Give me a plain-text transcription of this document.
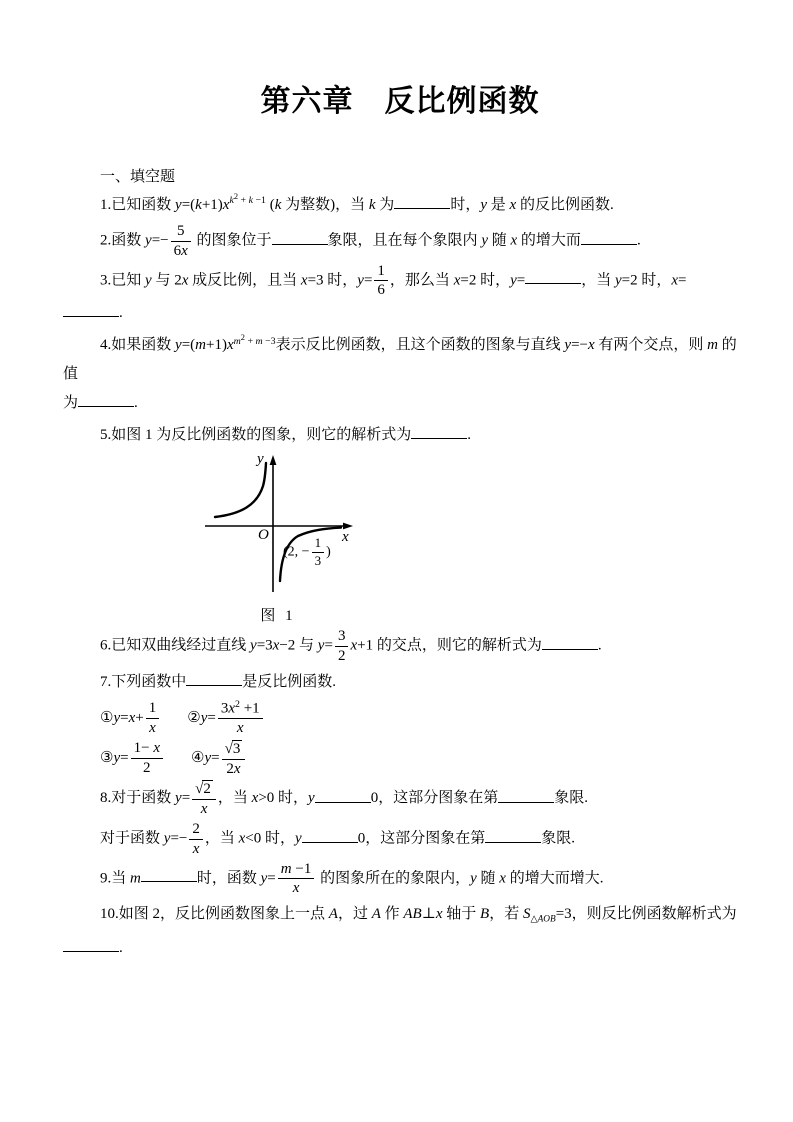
第六章　反比例函数
一、填空题
1.已知函数 y=(k+1)xk2 + k −1 (k 为整数)，当 k 为	时，y 是 x 的反比例函数.
2.函数 $y=- \frac{5}{6x}$ 的图象位于	象限，且在每个象限内 y 随 x 的增大而	.
3.已知 y 与 2x 成反比例，且当 x=3 时，$y= \frac{1}{6}$ ，那么当 x=2 时，y=	，当 y=2 时，x=.
4.如果函数 y=(m+1)xm2 + m −3表示反比例函数，且这个函数的图象与直线 y=−x 有两个交点，则 m 的值
为	.
5.如图 1 为反比例函数的图象，则它的解析式为	.
y
x
O
(2, − $\frac{1}{3}$ )
图 1
6.已知双曲线经过直线 y=3x−2 与 $y= \frac{3}{2} x+1$ 的交点，则它的解析式为	.
7.下列函数中	是反比例函数.
①y=x+ $\frac{1}{x}$ ②y= $\frac{3x2 +1}{x}$
③y= $\frac{1- x}{2}$ ④y= $\frac{√3}{2x}$
8.对于函数 $y= \frac{√2}{x}$ ，当 x>0 时，y	0，这部分图象在第	象限.
对于函数 $y=- \frac{2}{x}$ ，当 x<0 时，y	0，这部分图象在第	象限.
9.当 m	时，函数 $y= \frac{m -1}{x}$ 的图象所在的象限内，y 随 x 的增大而增大.
10.如图 2，反比例函数图象上一点 A，过 A 作 AB⊥x 轴于 B，若 $S_{\triangle AOB}=3$，则反比例函数解析式为
.
